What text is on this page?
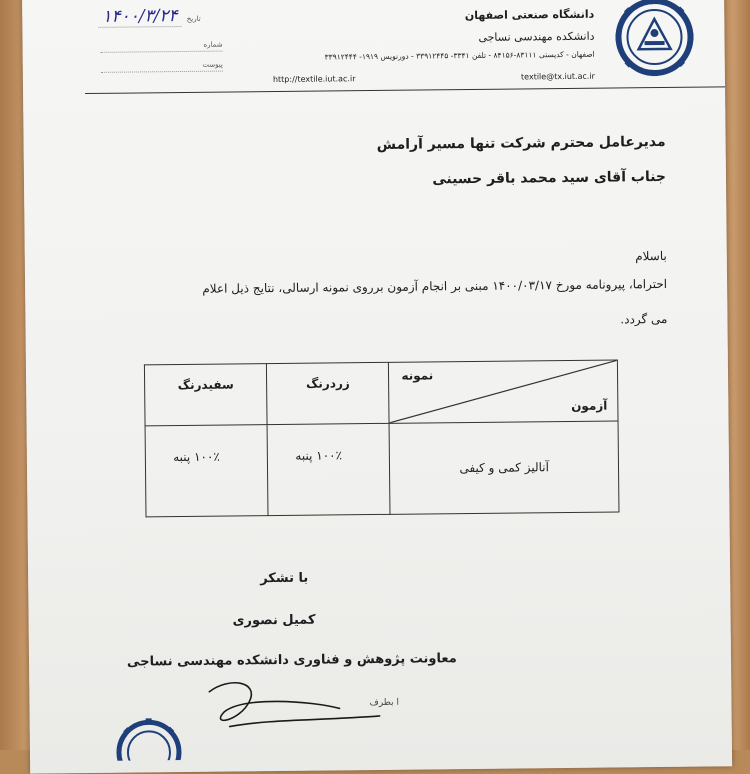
دانشگاه صنعتی اصفهان
دانشکده مهندسی نساجی
اصفهان - کدپستی ۸۳۱۱۱-۸۴۱۵۶ - تلفن ۳۳۴۱- ۳۳۹۱۲۴۴۵ - دورنویس ۱۹۱۹- ۳۳۹۱۲۴۴۴
http://textile.iut.ac.ir	textile@tx.iut.ac.ir
تاریخ ۱۴۰۰/۳/۲۴
شماره
پیوست
مدیرعامل محترم شرکت تنها مسیر آرامش
جناب آقای سید محمد باقر حسینی
باسلام
احتراما، پیرونامه مورخ ۱۴۰۰/۰۳/۱۷ مبنی بر انجام آزمون برروی نمونه ارسالی، نتایج ذیل اعلام
می گردد.
نمونه
آزمون	زردرنگ	سفیدرنگ
آنالیز کمی و کیفی	۱۰۰٪ پنبه	۱۰۰٪ پنبه
با تشکر
کمیل نصوری
معاونت پژوهش و فناوری دانشکده مهندسی نساجی
ا بطرف
